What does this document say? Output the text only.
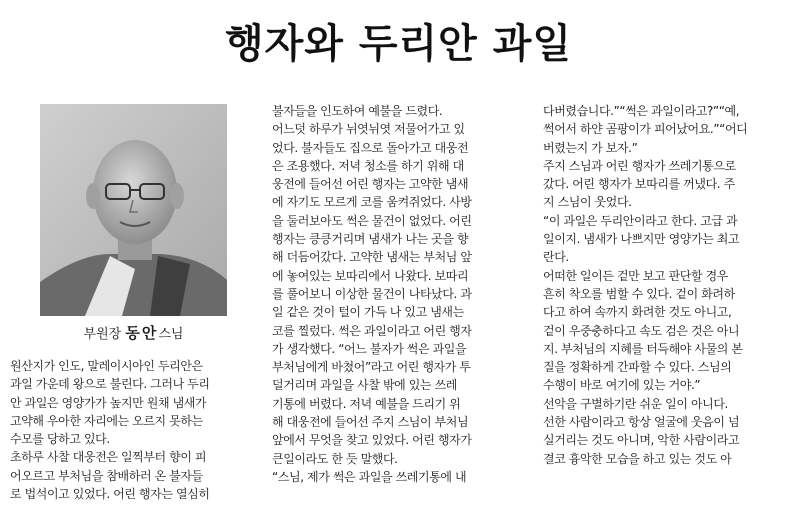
행자와 두리안 과일
부원장 동안스님

원산지가 인도, 말레이시아인 두리안은
과일 가운데 왕으로 불린다. 그러나 두리
안 과일은 영양가가 높지만 원채 냄새가
고약해 우아한 자리에는 오르지 못하는
수모를 당하고 있다.

초하루 사찰 대웅전은 일찍부터 향이 피
어오르고 부처님을 참배하러 온 불자들
로 법석이고 있었다. 어린 행자는 열심히

불자들을 인도하여 예불을 드렸다.

어느덧 하루가 뉘엿뉘엿 저물어가고 있
었다. 불자들도 집으로 돌아가고 대웅전
은 조용했다. 저녁 청소를 하기 위해 대
웅전에 들어선 어린 행자는 고약한 냄새
에 자기도 모르게 코를 움켜쥐었다. 사방
을 둘러보아도 썩은 물건이 없었다. 어린
행자는 킁킁거리며 냄새가 나는 곳을 향
해 더듬어갔다. 고약한 냄새는 부처님 앞
에 놓여있는 보따리에서 나왔다. 보따리
를 풀어보니 이상한 물건이 나타났다. 과
일 같은 것이 털이 가득 나 있고 냄새는
코를 찔렀다. 썩은 과일이라고 어린 행자
가 생각했다. “어느 불자가 썩은 과일을
부처님에게 바쳤어”라고 어린 행자가 투
덜거리며 과일을 사찰 밖에 있는 쓰레
기통에 버렸다. 저녁 예불을 드리기 위
해 대웅전에 들어선 주지 스님이 부처님
앞에서 무엇을 찾고 있었다. 어린 행자가
큰일이라도 한 듯 말했다.

“스님, 제가 썩은 과일을 쓰레기통에 내

다버렸습니다.”“썩은 과일이라고?”“예,
썩어서 하얀 곰팡이가 피어났어요.”“어디
버렸는지 가 보자.”

주지 스님과 어린 행자가 쓰레기통으로
갔다. 어린 행자가 보따리를 꺼냈다. 주
지 스님이 웃었다.

“이 과일은 두리안이라고 한다. 고급 과
일이지. 냄새가 나쁘지만 영양가는 최고
란다.

어떠한 일이든 겉만 보고 판단할 경우
흔히 착오를 범할 수 있다. 겉이 화려하
다고 하여 속까지 화려한 것도 아니고,
겉이 우중충하다고 속도 검은 것은 아니
지. 부처님의 지혜를 터득해야 사물의 본
질을 정확하게 간파할 수 있다. 스님의
수행이 바로 여기에 있는 거야.”

선악을 구별하기란 쉬운 일이 아니다.
선한 사람이라고 항상 얼굴에 웃음이 넘
실거리는 것도 아니며, 악한 사람이라고
결코 흉악한 모습을 하고 있는 것도 아
